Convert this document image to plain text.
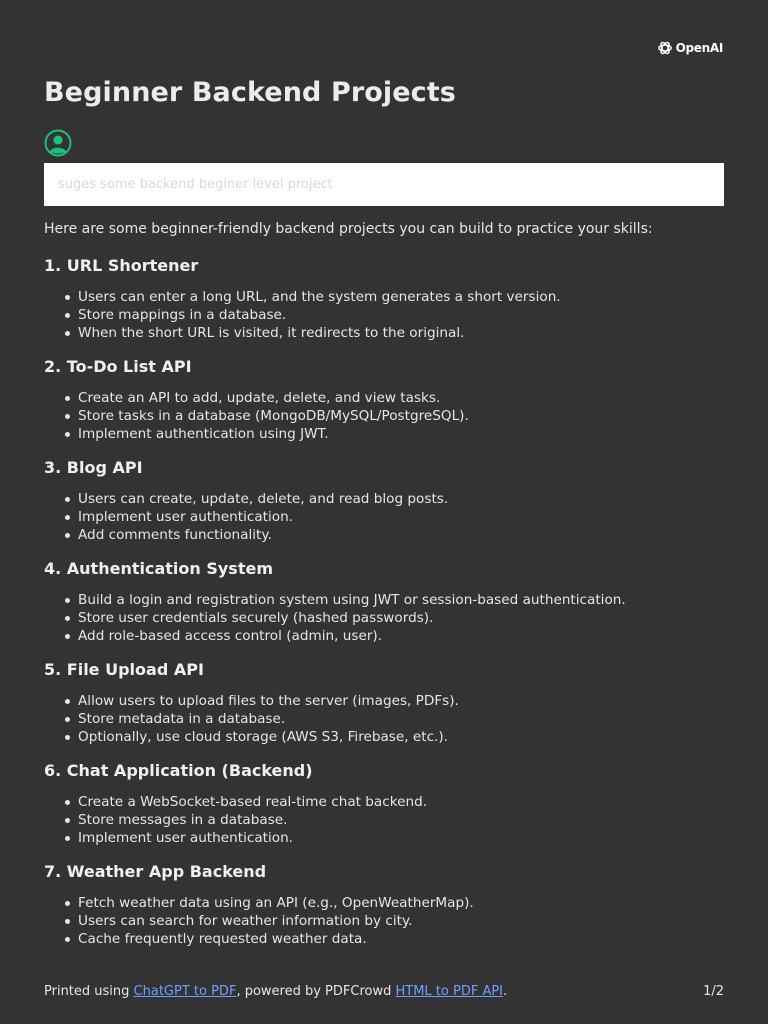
OpenAI
Beginner Backend Projects
suges some backend beginer level project

Here are some beginner-friendly backend projects you can build to practice your skills:

1. URL Shortener
Users can enter a long URL, and the system generates a short version.
Store mappings in a database.
When the short URL is visited, it redirects to the original.
2. To-Do List API
Create an API to add, update, delete, and view tasks.
Store tasks in a database (MongoDB/MySQL/PostgreSQL).
Implement authentication using JWT.
3. Blog API
Users can create, update, delete, and read blog posts.
Implement user authentication.
Add comments functionality.
4. Authentication System
Build a login and registration system using JWT or session-based authentication.
Store user credentials securely (hashed passwords).
Add role-based access control (admin, user).
5. File Upload API
Allow users to upload files to the server (images, PDFs).
Store metadata in a database.
Optionally, use cloud storage (AWS S3, Firebase, etc.).
6. Chat Application (Backend)
Create a WebSocket-based real-time chat backend.
Store messages in a database.
Implement user authentication.
7. Weather App Backend
Fetch weather data using an API (e.g., OpenWeatherMap).
Users can search for weather information by city.
Cache frequently requested weather data.
Printed using ChatGPT to PDF, powered by PDFCrowd HTML to PDF API.	1/2
